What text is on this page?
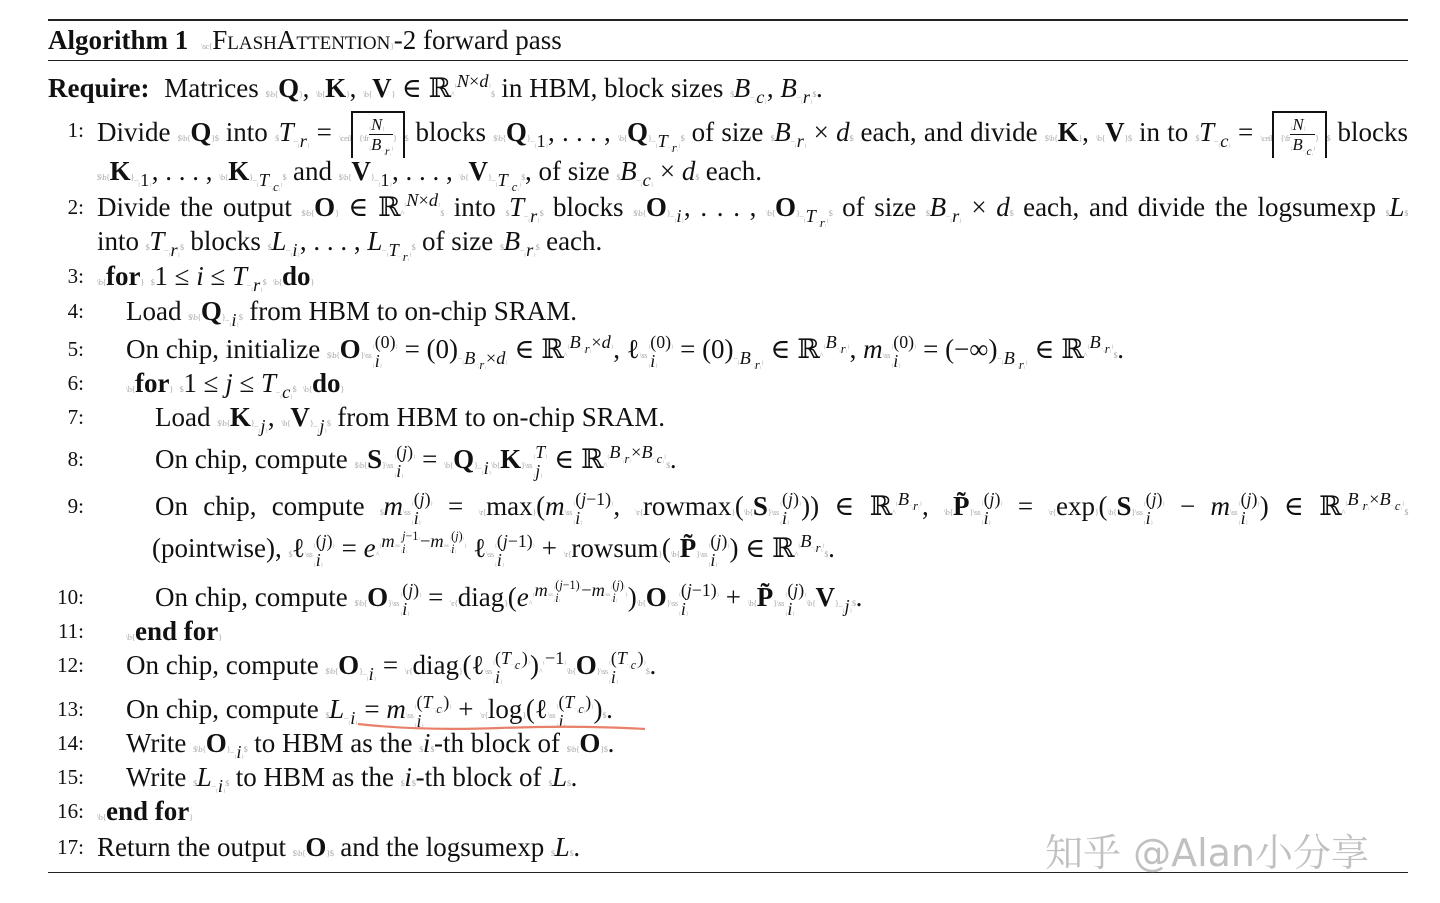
Algorithm 1 \sc{FlashAttention}-2 forward pass
Require: Matrices $\b{Q}, \b{K}, \b{V} ∈ ℝ^$^{\{N\times d\}}$\$ in HBM, block sizes $\$B\__{\{c\}}$, $B\__{\{r\}}\$$.
1: Divide $\b{Q}$ into $\$T\__{\{r\}}$ = \ceil {\fr $\frac{\{N\}}{\{B\__{\{r\}}\}}$ } $ blocks $\$\backslash b\{Q\}\__{\{1\}}$, . . . , $\backslash b\{Q\}\__{\{T\__{\{r\}}\}}\$$ of size $\$B\__{\{r\}}$ × d$ each, and divide $\b{K}, \b{V}$ in to $\$T\__{\{c\}}$ = \ceil {\fr $\frac{\{N\}}{\{B\__{\{c\}}\}}$ } $ blocks
$\$\backslash b\{K\}\__{\{1\}}$, . . . , $\backslash b\{K\}\__{\{T\__{\{c\}}\}}\$$ and $\$\backslash b\{V\}\__{\{1\}}$, . . . , $\backslash b\{V\}\__{\{T\__{\{c\}}\}}\$$, of size $\$B\__{\{c\}}$ × d$ each.
2: Divide the output $\b{O} ∈ ℝ^$^{\{N\times d\}}$\$ into $\$T\__{\{r\}}\$$ blocks $\$\backslash b\{O\}\__{\{i\}}$, . . . , $\backslash b\{O\}\__{\{T\__{\{r\}}\}}\$$ of size $\$B\__{\{r\}}$ × d$ each, and divide the logsumexp $L$
into $\$T\__{\{r\}}\$$ blocks $\$L\__{\{i\}}$, . . . , $L\__{\{T\__{\{r\}}\}}\$$ of size $\$B\__{\{r\}}\$$ each.
3: \b{for} $1 ≤ $i \le T\__{\{r\}}\$$ \b{do}
4: Load $\$\backslash b\{Q\}\__{\{i\}}\$$ from HBM to on-chip SRAM.
5: On chip, initialize $\b{O}\ss
{(0)}
{i}
= $(0)\__{\{B\__{\{r\}}\times d\}}$ ∈ ℝ^$^{\{B\__{\{r\}}\times d\}}$, ℓ\ss
{(0)}
{i}
= $(0)\__{\{B\__{\{r\}}\}}$ ∈ ℝ^$^{\{B\__{\{r\}}\}}$, m\ss
{(0)}
{i}
= $(-\infty)\__{\{B\__{\{r\}}\}}$ ∈ ℝ^$^{\{B\__{\{r\}}\}}$\$.
6:	\b{for} $1 ≤ $j \le T\__{\{c\}}\$$ \b{do}
7:	Load $\$\backslash b\{K\}\__{\{j\}}$, $\backslash b\{V\}\__{\{j\}}\$$ from HBM to on-chip SRAM.
8:	On chip, compute $\b{S}\ss
{(j)}
{i}
= $\backslash b\{Q\}\__{\{i\}}\backslash b\{K\}\backslash ss$
{T}
{j}
∈ ℝ^$^{\{B\__{\{r\}}\times B\__{\{c\}}\}}$\$.
9:	On chip, compute $m\ss
{(j)}
{i}
= \r{max}(m\ss
{(j−1)}
{i}
, \r{rowmax}(\b{S}\ss
{(j)}
{i}
)) ∈ ℝ^$^{\{B\__{\{r\}}\}}$, \b{P̃}\ss
{(j)}
{i}
= \r{exp}(\b{S}\ss
{(j)}
{i}
− m\ss
{(j)}
{i}
) ∈ ℝ^$^{\{B\__{\{r\}}\times B\__{\{c\}}\}}$\$
(pointwise), $ℓ\ss
{(j)}
{i}
= e^$^{\{m\backslash ss \{j-1\} \{i\} -m\backslash ss \{(j)\} \{i\} \}}$ ℓ\ss
{(j−1)}
{i}
+ \r{rowsum}(\b{P̃}\ss
{(j)}
{i}
) ∈ ℝ^$^{\{B\__{\{r\}}\}}$\$.
10:	On chip, compute $\b{O}\ss
{(j)}
{i}
= \r{diag}(e^$^{\{m\backslash ss \{(j-1)\} \{i\} -m\backslash ss \{(j)\} \{i\} \}}$)\b{O}\ss
{(j−1)}
{i}
+ \b{P̃}\ss
{(j)}
{i}
$\backslash b\{V\}\__{\{j\}}\$$.
11:	\b{end for}
12: On chip, compute $\$\backslash b\{O\}\__{\{i\}}$ = \r{diag}(ℓ\ss
$\{(T\__{\{c\}})\}$
{i}
)^$^{\{-1\}}$\b{O}\ss
$\{(T\__{\{c\}})\}$
{i}
$.
13: On chip, compute $\$L\__{\{i\}}$ = m\ss
$\{(T\__{\{c\}})\}$
{i}
+ \r{log}(ℓ\ss
$\{(T\__{\{c\}})\}$
{i}
)$.
14: Write $\$\backslash b\{O\}\__{\{i\}}\$$ to HBM as the $i$-th block of $\b{O}$.
15: Write $\$L\__{\{i\}}\$$ to HBM as the $i$-th block of $L$.
16: \b{end for}
17: Return the output $\b{O}$ and the logsumexp $L$.	知乎 @Alan小分享
